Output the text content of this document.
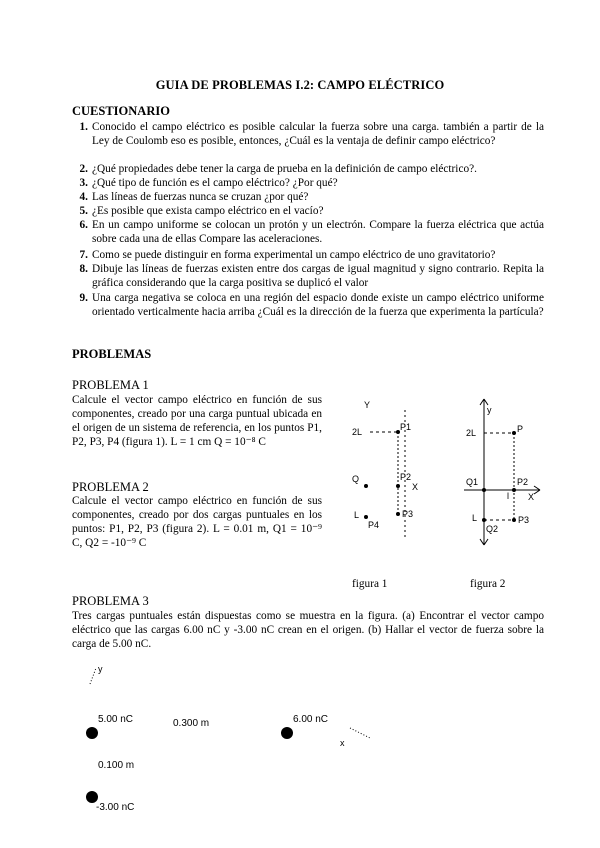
GUIA DE PROBLEMAS I.2: CAMPO ELÉCTRICO
CUESTIONARIO
1. Conocido el campo eléctrico es posible calcular la fuerza sobre una carga. también a partir de la Ley de Coulomb eso es posible, entonces, ¿Cuál es la ventaja de definir campo eléctrico?
2. ¿Qué propiedades debe tener la carga de prueba en la definición de campo eléctrico?.
3. ¿Qué tipo de función es el campo eléctrico? ¿Por qué?
4. Las líneas de fuerzas nunca se cruzan ¿por qué?
5. ¿Es posible que exista campo eléctrico en el vacío?
6. En un campo uniforme se colocan un protón y un electrón. Compare la fuerza eléctrica que actúa sobre cada una de ellas Compare las aceleraciones.
7. Como se puede distinguir en forma experimental un campo eléctrico de uno gravitatorio?
8. Dibuje las líneas de fuerzas existen entre dos cargas de igual magnitud y signo contrario. Repita la gráfica considerando que la carga positiva se duplicó el valor
9. Una carga negativa se coloca en una región del espacio donde existe un campo eléctrico uniforme orientado verticalmente hacia arriba ¿Cuál es la dirección de la fuerza que experimenta la partícula?
PROBLEMAS
PROBLEMA 1
Calcule el vector campo eléctrico en función de sus componentes, creado por una carga puntual ubicada en el origen de un sistema de referencia, en los puntos P1, P2, P3, P4 (figura 1). L = 1 cm Q = 10⁻⁸ C
PROBLEMA 2
Calcule el vector campo eléctrico en función de sus componentes, creado por dos cargas puntuales en los puntos: P1, P2, P3 (figura 2). L = 0.01 m, Q1 = 10⁻⁹ C, Q2 = -10⁻⁹ C
Y
2L	P1
Q	P2
X
L	P3
P4
figura 1
y
2L	P
Q1	P2
l X
L
Q2
P3
figura 2
PROBLEMA 3
Tres cargas puntuales están dispuestas como se muestra en la figura. (a) Encontrar el vector campo eléctrico que las cargas 6.00 nC y -3.00 nC crean en el origen. (b) Hallar el vector de fuerza sobre la carga de 5.00 nC.
y
x
5.00 nC	0.300 m	6.00 nC
0.100 m
-3.00 nC
